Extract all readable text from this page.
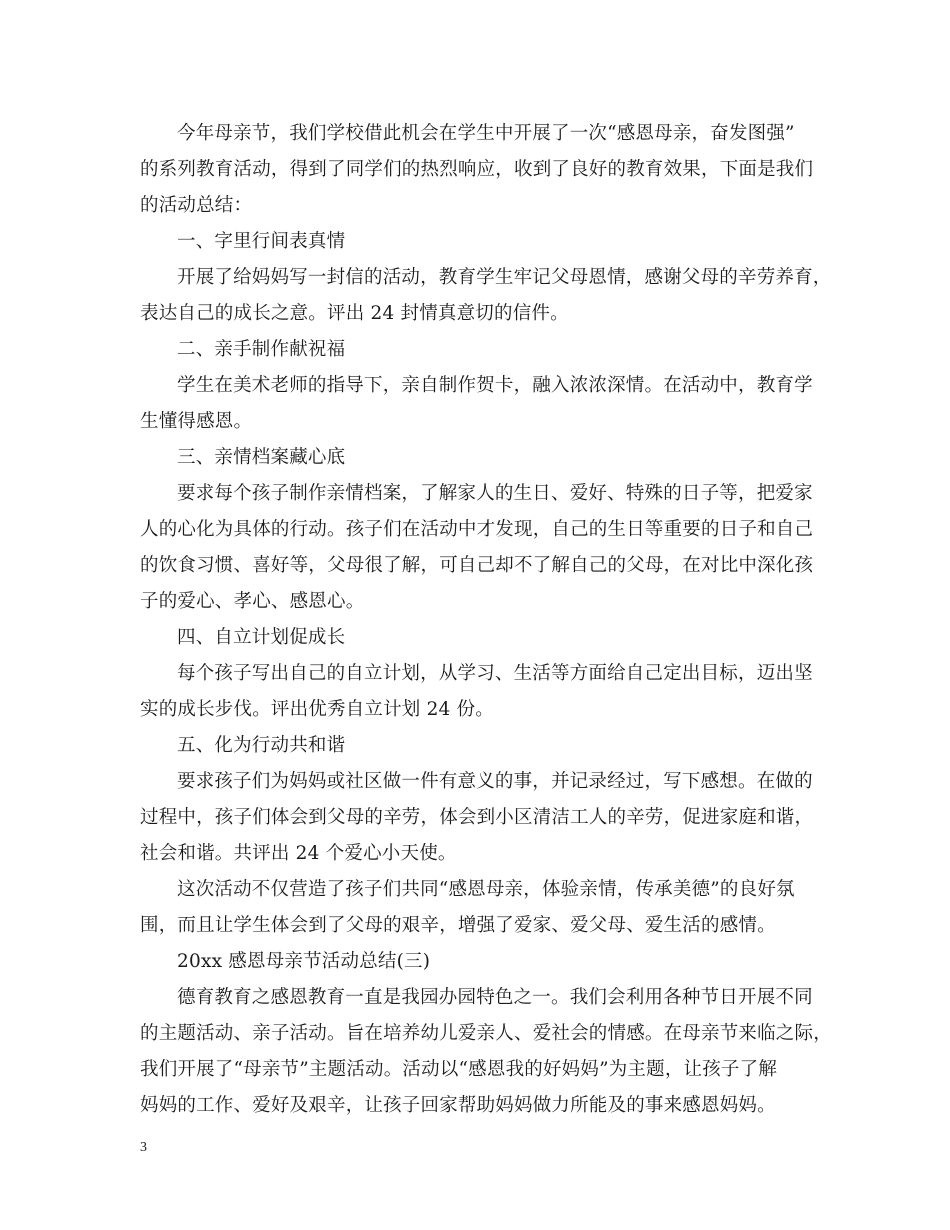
今年母亲节，我们学校借此机会在学生中开展了一次“感恩母亲，奋发图强”
的系列教育活动，得到了同学们的热烈响应，收到了良好的教育效果，下面是我们
的活动总结：
一、字里行间表真情
开展了给妈妈写一封信的活动，教育学生牢记父母恩情，感谢父母的辛劳养育，
表达自己的成长之意。评出 24 封情真意切的信件。
二、亲手制作献祝福
学生在美术老师的指导下，亲自制作贺卡，融入浓浓深情。在活动中，教育学
生懂得感恩。
三、亲情档案藏心底
要求每个孩子制作亲情档案，了解家人的生日、爱好、特殊的日子等，把爱家
人的心化为具体的行动。孩子们在活动中才发现，自己的生日等重要的日子和自己
的饮食习惯、喜好等，父母很了解，可自己却不了解自己的父母，在对比中深化孩
子的爱心、孝心、感恩心。
四、自立计划促成长
每个孩子写出自己的自立计划，从学习、生活等方面给自己定出目标，迈出坚
实的成长步伐。评出优秀自立计划 24 份。
五、化为行动共和谐
要求孩子们为妈妈或社区做一件有意义的事，并记录经过，写下感想。在做的
过程中，孩子们体会到父母的辛劳，体会到小区清洁工人的辛劳，促进家庭和谐，
社会和谐。共评出 24 个爱心小天使。
这次活动不仅营造了孩子们共同“感恩母亲，体验亲情，传承美德”的良好氛
围，而且让学生体会到了父母的艰辛，增强了爱家、爱父母、爱生活的感情。
20xx 感恩母亲节活动总结(三)
德育教育之感恩教育一直是我园办园特色之一。我们会利用各种节日开展不同
的主题活动、亲子活动。旨在培养幼儿爱亲人、爱社会的情感。在母亲节来临之际，
我们开展了“母亲节”主题活动。活动以“感恩我的好妈妈”为主题，让孩子了解
妈妈的工作、爱好及艰辛，让孩子回家帮助妈妈做力所能及的事来感恩妈妈。
3
